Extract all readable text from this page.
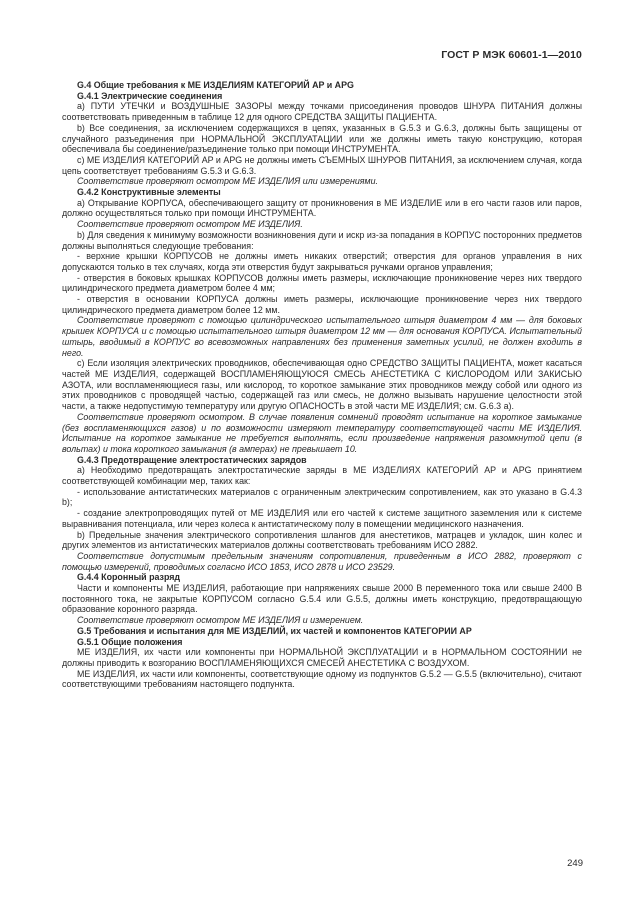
ГОСТ Р МЭК 60601-1—2010

G.4 Общие требования к ME ИЗДЕЛИЯМ КАТЕГОРИЙ AP и APG

G.4.1 Электрические соединения

a) ПУТИ УТЕЧКИ и ВОЗДУШНЫЕ ЗАЗОРЫ между точками присоединения проводов ШНУРА ПИТАНИЯ должны соответствовать приведенным в таблице 12 для одного СРЕДСТВА ЗАЩИТЫ ПАЦИЕНТА.

b) Все соединения, за исключением содержащихся в цепях, указанных в G.5.3 и G.6.3, должны быть защищены от случайного разъединения при НОРМАЛЬНОЙ ЭКСПЛУАТАЦИИ или же должны иметь такую конструкцию, которая обеспечивала бы соединение/разъединение только при помощи ИНСТРУМЕНТА.

c) ME ИЗДЕЛИЯ КАТЕГОРИЙ AP и APG не должны иметь СЪЕМНЫХ ШНУРОВ ПИТАНИЯ, за исключением случая, когда цепь соответствует требованиям G.5.3 и G.6.3.

Соответствие проверяют осмотром ME ИЗДЕЛИЯ или измерениями.

G.4.2 Конструктивные элементы

a) Открывание КОРПУСА, обеспечивающего защиту от проникновения в ME ИЗДЕЛИЕ или в его части газов или паров, должно осуществляться только при помощи ИНСТРУМЕНТА.

Соответствие проверяют осмотром ME ИЗДЕЛИЯ.

b) Для сведения к минимуму возможности возникновения дуги и искр из-за попадания в КОРПУС посторонних предметов должны выполняться следующие требования:

- верхние крышки КОРПУСОВ не должны иметь никаких отверстий; отверстия для органов управления в них допускаются только в тех случаях, когда эти отверстия будут закрываться ручками органов управления;

- отверстия в боковых крышках КОРПУСОВ должны иметь размеры, исключающие проникновение через них твердого цилиндрического предмета диаметром более 4 мм;

- отверстия в основании КОРПУСА должны иметь размеры, исключающие проникновение через них твердого цилиндрического предмета диаметром более 12 мм.

Соответствие проверяют с помощью цилиндрического испытательного штыря диаметром 4 мм — для боковых крышек КОРПУСА и с помощью испытательного штыря диаметром 12 мм — для основания КОРПУСА. Испытательный штырь, вводимый в КОРПУС во всевозможных направлениях без применения заметных усилий, не должен входить в него.

c) Если изоляция электрических проводников, обеспечивающая одно СРЕДСТВО ЗАЩИТЫ ПАЦИЕНТА, может касаться частей ME ИЗДЕЛИЯ, содержащей ВОСПЛАМЕНЯЮЩУЮСЯ СМЕСЬ АНЕСТЕТИКА С КИСЛОРОДОМ ИЛИ ЗАКИСЬЮ АЗОТА, или воспламеняющиеся газы, или кислород, то короткое замыкание этих проводников между собой или одного из этих проводников с проводящей частью, содержащей газ или смесь, не должно вызывать нарушение целостности этой части, а также недопустимую температуру или другую ОПАСНОСТЬ в этой части ME ИЗДЕЛИЯ; см. G.6.3 а).

Соответствие проверяют осмотром. В случае появления сомнений проводят испытание на короткое замыкание (без воспламеняющихся газов) и по возможности измеряют температуру соответствующей части ME ИЗДЕЛИЯ. Испытание на короткое замыкание не требуется выполнять, если произведение напряжения разомкнутой цепи (в вольтах) и тока короткого замыкания (в амперах) не превышает 10.

G.4.3 Предотвращение электростатических зарядов

a) Необходимо предотвращать электростатические заряды в ME ИЗДЕЛИЯХ КАТЕГОРИЙ AP и APG принятием соответствующей комбинации мер, таких как:

- использование антистатических материалов с ограниченным электрическим сопротивлением, как это указано в G.4.3 b);

- создание электропроводящих путей от ME ИЗДЕЛИЯ или его частей к системе защитного заземления или к системе выравнивания потенциала, или через колеса к антистатическому полу в помещении медицинского назначения.

b) Предельные значения электрического сопротивления шлангов для анестетиков, матрацев и укладок, шин колес и других элементов из антистатических материалов должны соответствовать требованиям ИСО 2882.

Соответствие допустимым предельным значениям сопротивления, приведенным в ИСО 2882, проверяют с помощью измерений, проводимых согласно ИСО 1853, ИСО 2878 и ИСО 23529.

G.4.4 Коронный разряд

Части и компоненты ME ИЗДЕЛИЯ, работающие при напряжениях свыше 2000 В переменного тока или свыше 2400 В постоянного тока, не закрытые КОРПУСОМ согласно G.5.4 или G.5.5, должны иметь конструкцию, предотвращающую образование коронного разряда.

Соответствие проверяют осмотром ME ИЗДЕЛИЯ и измерением.

G.5 Требования и испытания для ME ИЗДЕЛИЙ, их частей и компонентов КАТЕГОРИИ AP

G.5.1 Общие положения

ME ИЗДЕЛИЯ, их части или компоненты при НОРМАЛЬНОЙ ЭКСПЛУАТАЦИИ и в НОРМАЛЬНОМ СОСТОЯНИИ не должны приводить к возгоранию ВОСПЛАМЕНЯЮЩИХСЯ СМЕСЕЙ АНЕСТЕТИКА С ВОЗДУХОМ.

ME ИЗДЕЛИЯ, их части или компоненты, соответствующие одному из подпунктов G.5.2 — G.5.5 (включительно), считают соответствующими требованиям настоящего подпункта.

249
